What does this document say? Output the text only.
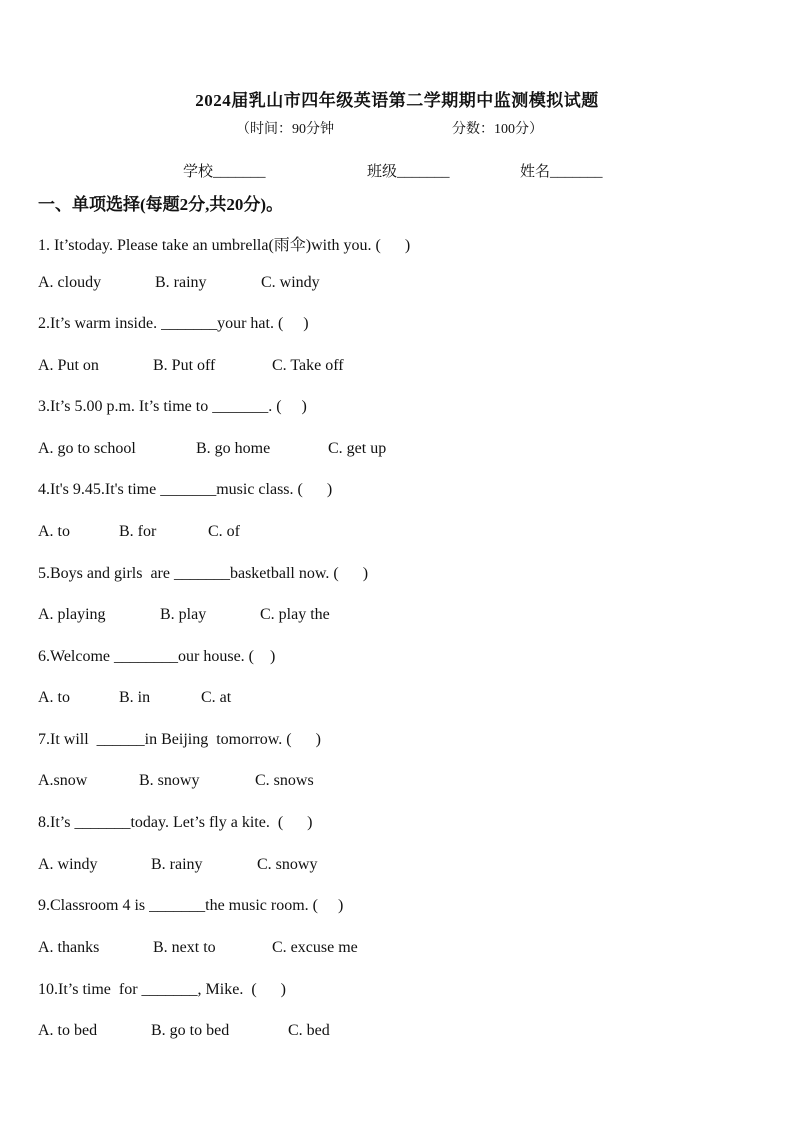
2024届乳山市四年级英语第二学期期中监测模拟试题
（时间：90分钟	分数：100分）
学校_______	班级_______	姓名_______
一、单项选择(每题2分,共20分)。
1. It’stoday. Please take an umbrella(雨伞)with you. (      )
A. cloudy	B. rainy	C. windy
2.It’s warm inside. _______your hat. (     )
A. Put on	B. Put off	C. Take off
3.It’s 5.00 p.m. It’s time to _______. (     )
A. go to school	B. go home	C. get up
4.It's 9.45.It's time _______music class. (      )
A. to	B. for	C. of
5.Boys and girls  are _______basketball now. (      )
A. playing	B. play	C. play the
6.Welcome ________our house. (    )
A. to	B. in	C. at
7.It will  ______in Beijing  tomorrow. (      )
A.snow	B. snowy	C. snows
8.It’s _______today. Let’s fly a kite.  (      )
A. windy	B. rainy	C. snowy
9.Classroom 4 is _______the music room. (     )
A. thanks	B. next to	C. excuse me
10.It’s time  for _______, Mike.  (      )
A. to bed	B. go to bed	C. bed
